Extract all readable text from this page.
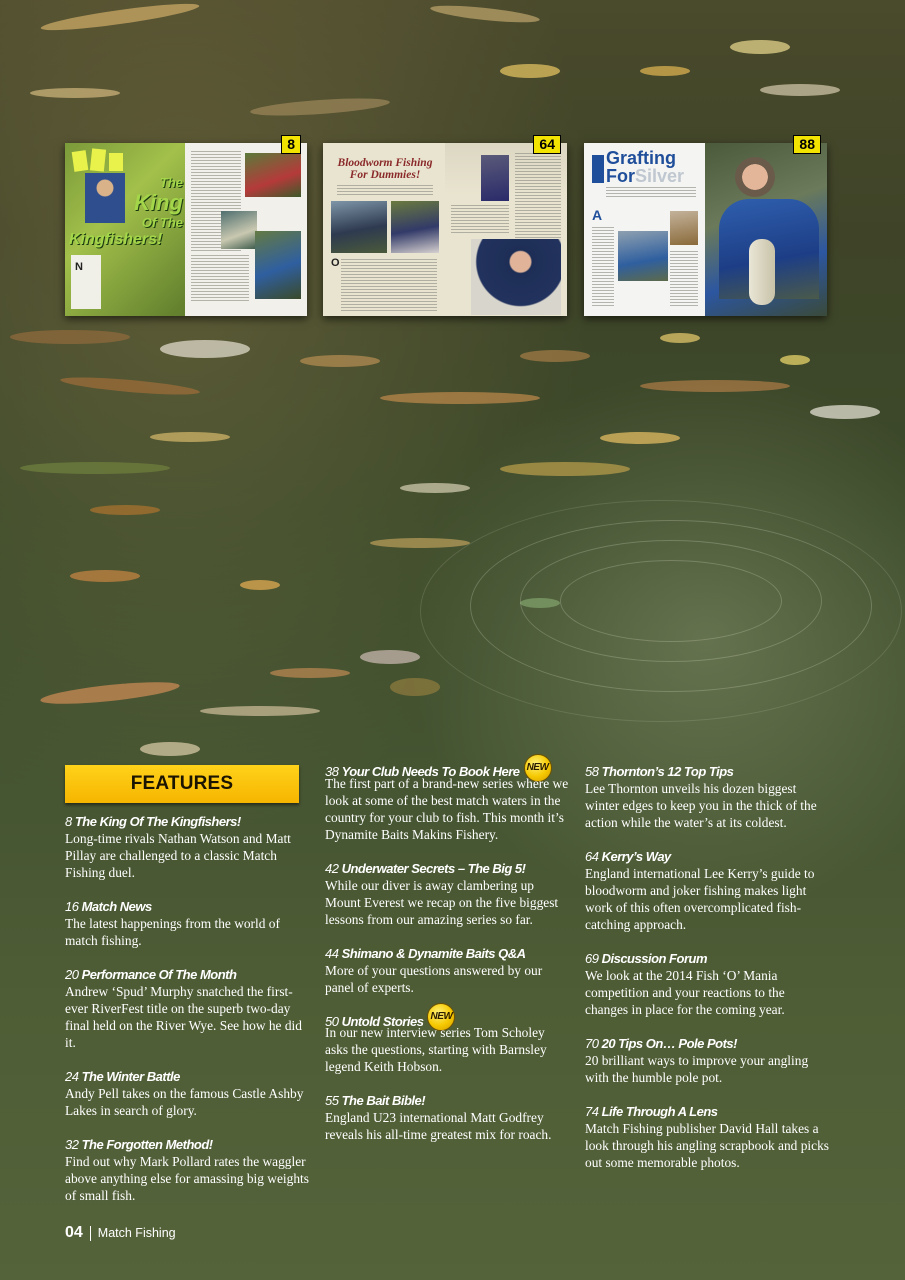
The
King
Of The
Kingfishers!
N
8
Bloodworm Fishing
For Dummies!
O
64
Grafting
ForSilver
A
88
FEATURES
8 The King Of The Kingfishers!
Long-time rivals Nathan Watson and Matt Pillay are challenged to a classic Match Fishing duel.
16 Match News
The latest happenings from the world of match fishing.
20 Performance Of The Month
Andrew ‘Spud’ Murphy snatched the first-ever RiverFest title on the superb two-day final held on the River Wye. See how he did it.
24 The Winter Battle
Andy Pell takes on the famous Castle Ashby Lakes in search of glory.
32 The Forgotten Method!
Find out why Mark Pollard rates the waggler above anything else for amassing big weights of small fish.
38 Your Club Needs To Book Here NEW
The first part of a brand-new series where we look at some of the best match waters in the country for your club to fish. This month it’s Dynamite Baits Makins Fishery.
42 Underwater Secrets – The Big 5!
While our diver is away clambering up Mount Everest we recap on the five biggest lessons from our amazing series so far.
44 Shimano & Dynamite Baits Q&A
More of your questions answered by our panel of experts.
50 Untold Stories NEW
In our new interview series Tom Scholey asks the questions, starting with Barnsley legend Keith Hobson.
55 The Bait Bible!
England U23 international Matt Godfrey reveals his all-time greatest mix for roach.
58 Thornton’s 12 Top Tips
Lee Thornton unveils his dozen biggest winter edges to keep you in the thick of the action while the water’s at its coldest.
64 Kerry’s Way
England international Lee Kerry’s guide to bloodworm and joker fishing makes light work of this often overcomplicated fish-catching approach.
69 Discussion Forum
We look at the 2014 Fish ‘O’ Mania competition and your reactions to the changes in place for the coming year.
70 20 Tips On… Pole Pots!
20 brilliant ways to improve your angling with the humble pole pot.
74 Life Through A Lens
Match Fishing publisher David Hall takes a look through his angling scrapbook and picks out some memorable photos.
04 Match Fishing
